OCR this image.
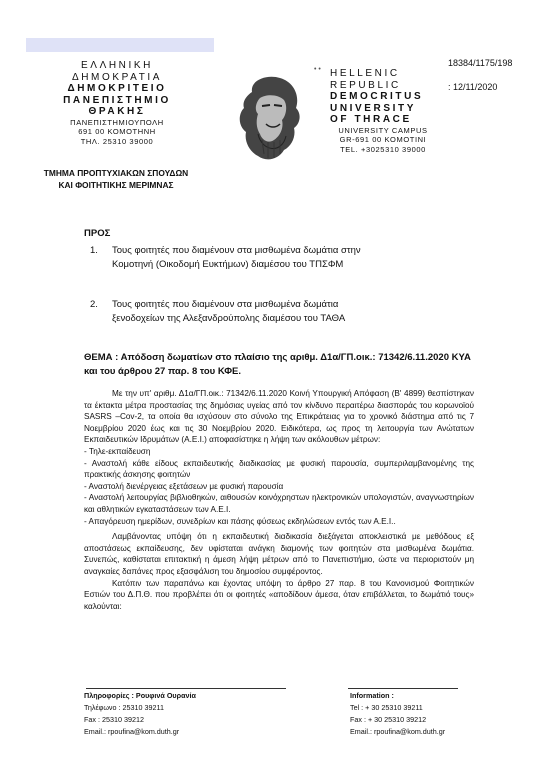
• •
18384/1175/198
: 12/11/2020
ΕΛΛΗΝΙΚΗ
ΔΗΜΟΚΡΑΤΙΑ
ΔΗΜΟΚΡΙΤΕΙΟ
ΠΑΝΕΠΙΣΤΗΜΙΟ
ΘΡΑΚΗΣ
ΠΑΝΕΠΙΣΤΗΜΙΟΥΠΟΛΗ
691 00 ΚΟΜΟΤΗΝΗ
ΤΗΛ. 25310 39000
HELLENIC
REPUBLIC
DEMOCRITUS
UNIVERSITY
OF THRACE
UNIVERSITY CAMPUS
GR-691 00 KOMOTINI
TEL. +3025310 39000
ΤΜΗΜΑ ΠΡΟΠΤΥΧΙΑΚΩΝ ΣΠΟΥΔΩΝ
ΚΑΙ ΦΟΙΤΗΤΙΚΗΣ ΜΕΡΙΜΝΑΣ
ΠΡΟΣ
1. Τους φοιτητές που διαμένουν στα μισθωμένα δωμάτια στην Κομοτηνή (Οικοδομή Ευκτήμων) διαμέσου του ΤΠΣΦΜ
2. Τους φοιτητές που διαμένουν στα μισθωμένα δωμάτια ξενοδοχείων της Αλεξανδρούπολης διαμέσου του ΤΑΘΑ
ΘΕΜΑ : Απόδοση δωματίων στο πλαίσιο της αριθμ. Δ1α/ΓΠ.οικ.: 71342/6.11.2020 ΚΥΑ και του άρθρου 27 παρ. 8 του ΚΦΕ.

Με την υπ' αριθμ. Δ1α/ΓΠ.οικ.: 71342/6.11.2020 Κοινή Υπουργική Απόφαση (Β' 4899) θεσπίστηκαν τα έκτακτα μέτρα προστασίας της δημόσιας υγείας από τον κίνδυνο περαιτέρω διασποράς του κορωνοϊού SASRS –Cov-2, τα οποία θα ισχύσουν στο σύνολο της Επικράτειας για το χρονικό διάστημα από τις 7 Νοεμβρίου 2020 έως και τις 30 Νοεμβρίου 2020. Ειδικότερα, ως προς τη λειτουργία των Ανώτατων Εκπαιδευτικών Ιδρυμάτων (Α.Ε.Ι.) αποφασίστηκε η λήψη των ακόλουθων μέτρων:

- Τηλε-εκπαίδευση

- Αναστολή κάθε είδους εκπαιδευτικής διαδικασίας με φυσική παρουσία, συμπεριλαμβανομένης της πρακτικής άσκησης φοιτητών

- Αναστολή διενέργειας εξετάσεων με φυσική παρουσία

- Αναστολή λειτουργίας βιβλιοθηκών, αιθουσών κοινόχρηστων ηλεκτρονικών υπολογιστών, αναγνωστηρίων και αθλητικών εγκαταστάσεων των Α.Ε.Ι.

- Απαγόρευση ημερίδων, συνεδρίων και πάσης φύσεως εκδηλώσεων εντός των Α.Ε.Ι..

Λαμβάνοντας υπόψη ότι η εκπαιδευτική διαδικασία διεξάγεται αποκλειστικά με μεθόδους εξ αποστάσεως εκπαίδευσης, δεν υφίσταται ανάγκη διαμονής των φοιτητών στα μισθωμένα δωμάτια. Συνεπώς, καθίσταται επιτακτική η άμεση λήψη μέτρων από το Πανεπιστήμιο, ώστε να περιοριστούν μη αναγκαίες δαπάνες προς εξασφάλιση του δημοσίου συμφέροντος.

Κατόπιν των παραπάνω και έχοντας υπόψη το άρθρο 27 παρ. 8 του Κανονισμού Φοιτητικών Εστιών του Δ.Π.Θ. που προβλέπει ότι οι φοιτητές «αποδίδουν άμεσα, όταν επιβάλλεται, το δωμάτιό τους» καλούνται:

Πληροφορίες : Ρουφινά Ουρανία
Τηλέφωνο : 25310 39211
Fax : 25310 39212
Email.: rpoufina@kom.duth.gr
Information :
Tel : + 30 25310 39211
Fax : + 30 25310 39212
Email.: rpoufina@kom.duth.gr
